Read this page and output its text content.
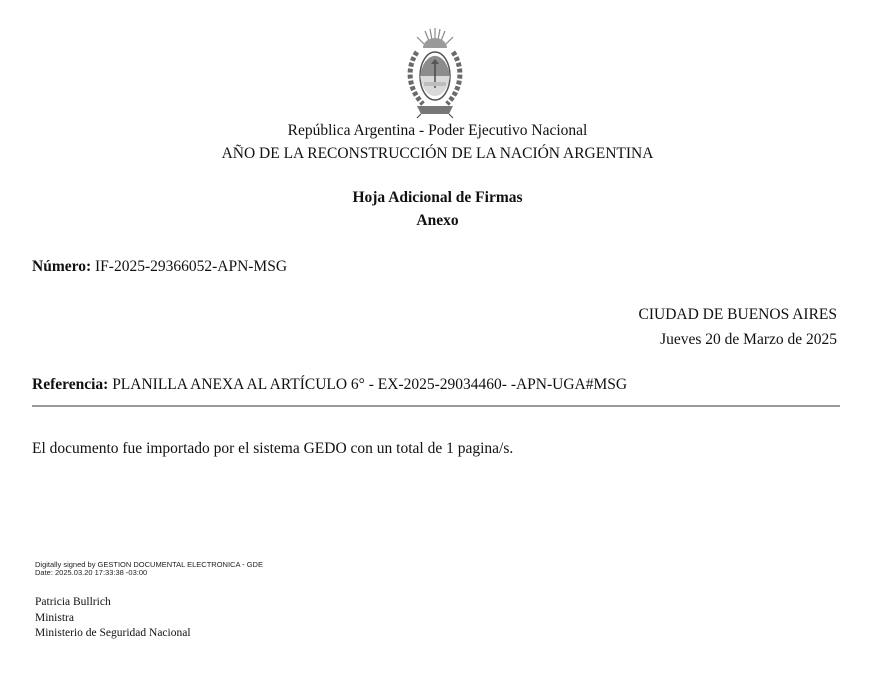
República Argentina - Poder Ejecutivo Nacional
AÑO DE LA RECONSTRUCCIÓN DE LA NACIÓN ARGENTINA
Hoja Adicional de Firmas
Anexo
Número: IF-2025-29366052-APN-MSG
CIUDAD DE BUENOS AIRES
Jueves 20 de Marzo de 2025
Referencia: PLANILLA ANEXA AL ARTÍCULO 6° - EX-2025-29034460- -APN-UGA#MSG
El documento fue importado por el sistema GEDO con un total de 1 pagina/s.
Digitally signed by GESTION DOCUMENTAL ELECTRONICA - GDE
Date: 2025.03.20 17:33:38 -03:00
Patricia Bullrich
Ministra
Ministerio de Seguridad Nacional
